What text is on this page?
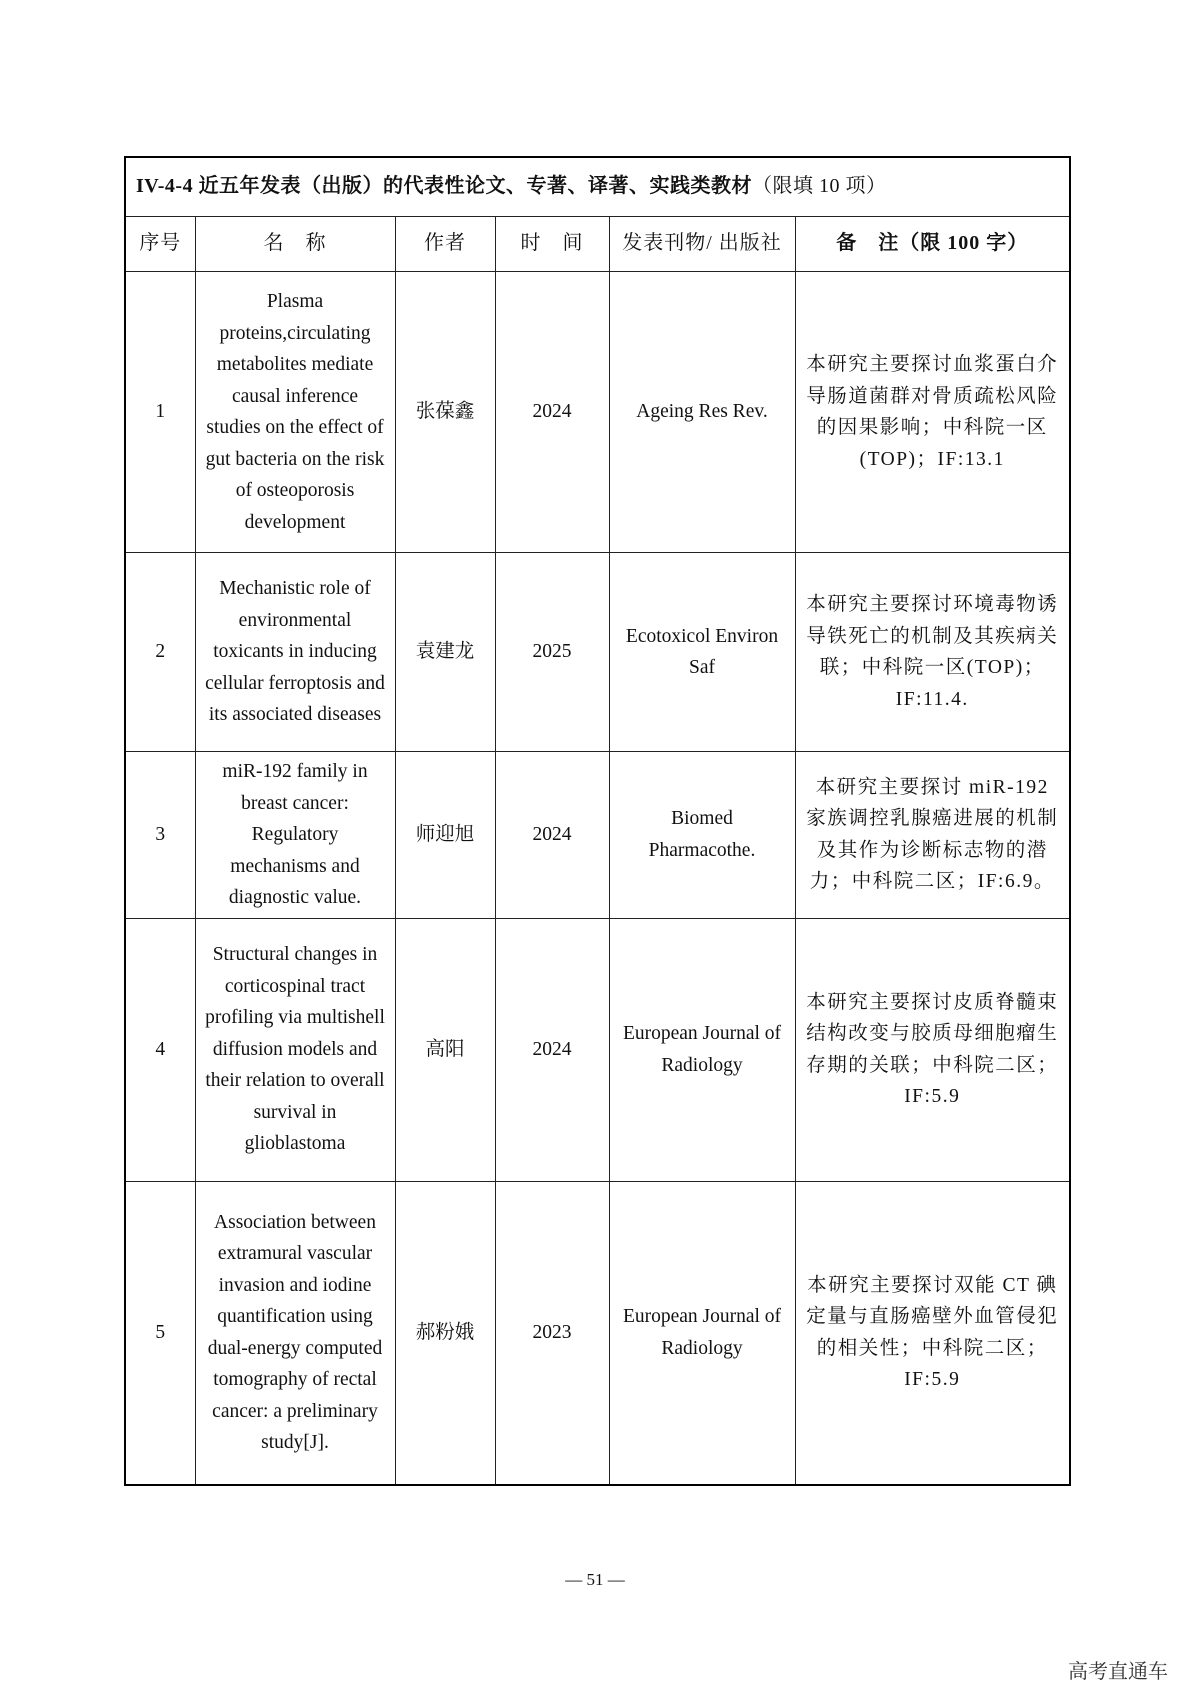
IV-4-4 近五年发表（出版）的代表性论文、专著、译著、实践类教材（限填 10 项）					
序号	名　称	作者	时　间	发表刊物/ 出版社	备　注（限 100 字）
1	Plasma proteins,circulating metabolites mediate causal inference studies on the effect of gut bacteria on the risk of osteoporosis development	张葆鑫	2024	Ageing Res Rev.	本研究主要探讨血浆蛋白介导肠道菌群对骨质疏松风险的因果影响；中科院一区(TOP)；IF:13.1
2	Mechanistic role of environmental toxicants in inducing cellular ferroptosis and its associated diseases	袁建龙	2025	Ecotoxicol Environ Saf	本研究主要探讨环境毒物诱导铁死亡的机制及其疾病关联；中科院一区(TOP)；IF:11.4.
3	miR-192 family in breast cancer: Regulatory mechanisms and diagnostic value.	师迎旭	2024	Biomed Pharmacothe.	本研究主要探讨 miR-192 家族调控乳腺癌进展的机制及其作为诊断标志物的潜力；中科院二区；IF:6.9。
4	Structural changes in corticospinal tract profiling via multishell diffusion models and their relation to overall survival in glioblastoma	高阳	2024	European Journal of Radiology	本研究主要探讨皮质脊髓束结构改变与胶质母细胞瘤生存期的关联；中科院二区；IF:5.9
5	Association between extramural vascular invasion and iodine quantification using dual-energy computed tomography of rectal cancer: a preliminary study[J].	郝粉娥	2023	European Journal of Radiology	本研究主要探讨双能 CT 碘定量与直肠癌壁外血管侵犯的相关性；中科院二区；IF:5.9
— 51 —
高考直通车
